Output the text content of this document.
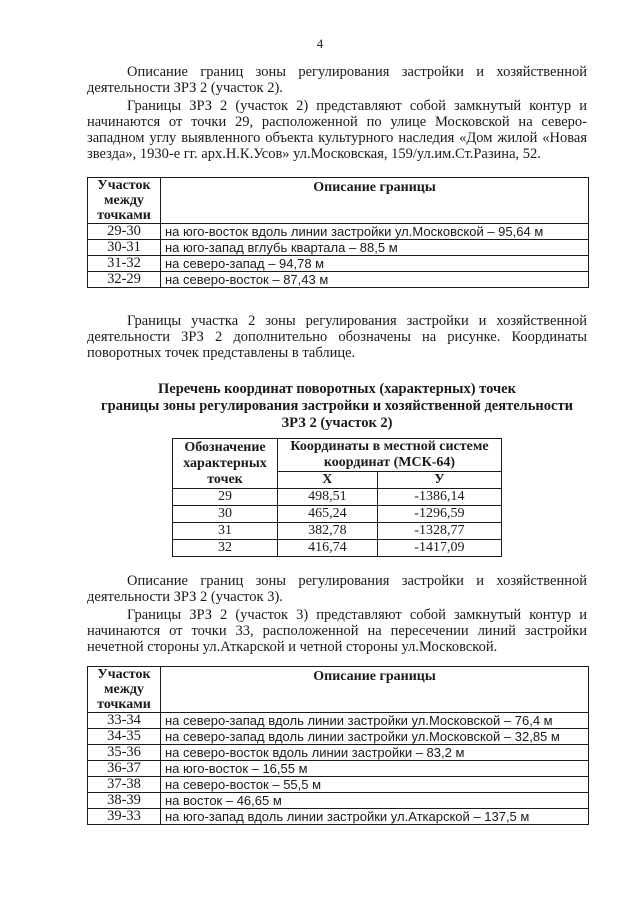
4

Описание границ зоны регулирования застройки и хозяйственной деятельности ЗРЗ 2 (участок 2).

Границы ЗРЗ 2 (участок 2) представляют собой замкнутый контур и начинаются от точки 29, расположенной по улице Московской на северо-западном углу выявленного объекта культурного наследия «Дом жилой «Новая звезда», 1930-е гг. арх.Н.К.Усов» ул.Московская, 159/ул.им.Ст.Разина, 52.

Участок между точками	Описание границы
29-30	на юго-восток вдоль линии застройки ул.Московской – 95,64 м
30-31	на юго-запад вглубь квартала – 88,5 м
31-32	на северо-запад – 94,78 м
32-29	на северо-восток – 87,43 м

Границы участка 2 зоны регулирования застройки и хозяйственной деятельности ЗРЗ 2 дополнительно обозначены на рисунке. Координаты поворотных точек представлены в таблице.

Перечень координат поворотных (характерных) точек
границы зоны регулирования застройки и хозяйственной деятельности
ЗРЗ 2 (участок 2)
Обозначение характерных точек	Координаты в местной системе координат (МСК-64)	
	X	У
29	498,51	-1386,14
30	465,24	-1296,59
31	382,78	-1328,77
32	416,74	-1417,09

Описание границ зоны регулирования застройки и хозяйственной деятельности ЗРЗ 2 (участок 3).

Границы ЗРЗ 2 (участок 3) представляют собой замкнутый контур и начинаются от точки 33, расположенной на пересечении линий застройки нечетной стороны ул.Аткарской и четной стороны ул.Московской.

Участок между точками	Описание границы
33-34	на северо-запад вдоль линии застройки ул.Московской – 76,4 м
34-35	на северо-запад вдоль линии застройки ул.Московской – 32,85 м
35-36	на северо-восток вдоль линии застройки – 83,2 м
36-37	на юго-восток – 16,55 м
37-38	на северо-восток – 55,5 м
38-39	на восток – 46,65 м
39-33	на юго-запад вдоль линии застройки ул.Аткарской – 137,5 м
